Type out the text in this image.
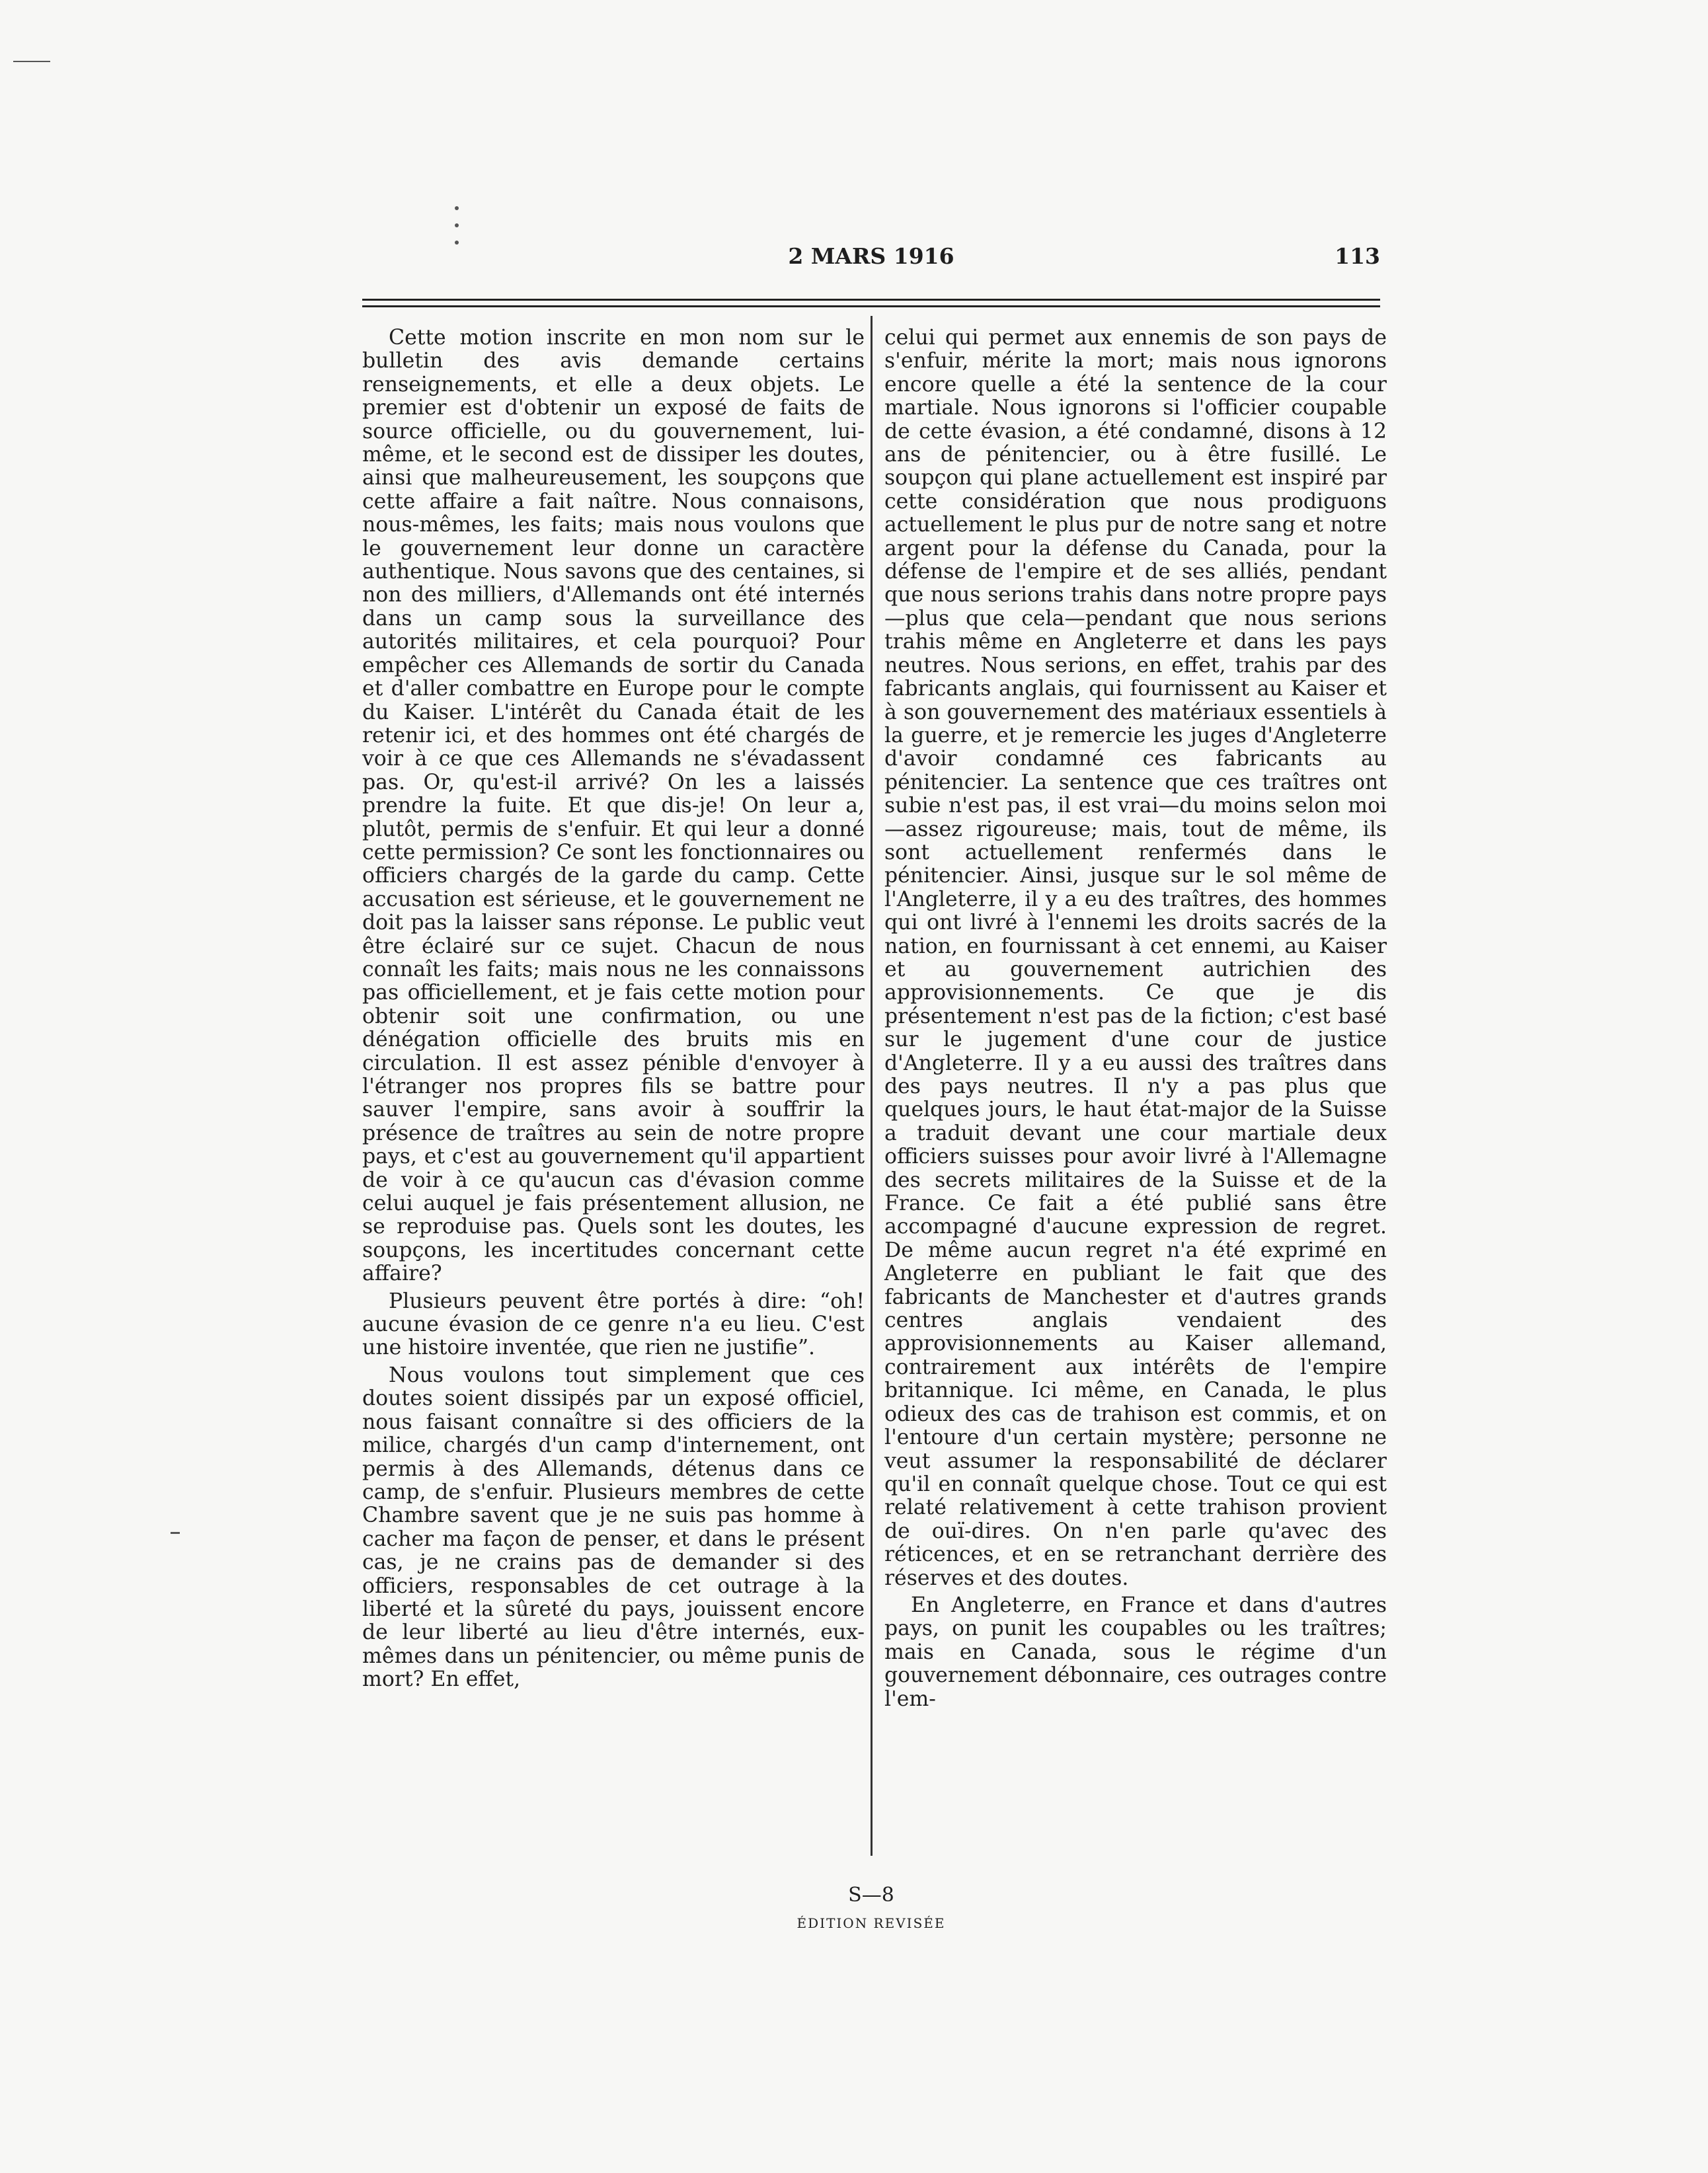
2 MARS 1916	113

Cette motion inscrite en mon nom sur le bulletin des avis demande certains renseignements, et elle a deux objets. Le premier est d'obtenir un exposé de faits de source officielle, ou du gouvernement, lui-même, et le second est de dissiper les doutes, ainsi que malheureusement, les soupçons que cette affaire a fait naître. Nous connaisons, nous-mêmes, les faits; mais nous voulons que le gouvernement leur donne un caractère authentique. Nous savons que des centaines, si non des milliers, d'Allemands ont été internés dans un camp sous la surveillance des autorités militaires, et cela pourquoi? Pour empêcher ces Allemands de sortir du Canada et d'aller combattre en Europe pour le compte du Kaiser. L'intérêt du Canada était de les retenir ici, et des hommes ont été chargés de voir à ce que ces Allemands ne s'évadassent pas. Or, qu'est-il arrivé? On les a laissés prendre la fuite. Et que dis-je! On leur a, plutôt, permis de s'enfuir. Et qui leur a donné cette permission? Ce sont les fonctionnaires ou officiers chargés de la garde du camp. Cette accusation est sérieuse, et le gouvernement ne doit pas la laisser sans réponse. Le public veut être éclairé sur ce sujet. Chacun de nous connaît les faits; mais nous ne les connaissons pas officiellement, et je fais cette motion pour obtenir soit une confirmation, ou une dénégation officielle des bruits mis en circulation. Il est assez pénible d'envoyer à l'étranger nos propres fils se battre pour sauver l'empire, sans avoir à souffrir la présence de traîtres au sein de notre propre pays, et c'est au gouvernement qu'il appartient de voir à ce qu'aucun cas d'évasion comme celui auquel je fais présentement allusion, ne se reproduise pas. Quels sont les doutes, les soupçons, les incertitudes concernant cette affaire?

Plusieurs peuvent être portés à dire: “oh! aucune évasion de ce genre n'a eu lieu. C'est une histoire inventée, que rien ne justifie”.

Nous voulons tout simplement que ces doutes soient dissipés par un exposé officiel, nous faisant connaître si des officiers de la milice, chargés d'un camp d'internement, ont permis à des Allemands, détenus dans ce camp, de s'enfuir. Plusieurs membres de cette Chambre savent que je ne suis pas homme à cacher ma façon de penser, et dans le présent cas, je ne crains pas de demander si des officiers, responsables de cet outrage à la liberté et la sûreté du pays, jouissent encore de leur liberté au lieu d'être internés, eux-mêmes dans un pénitencier, ou même punis de mort? En effet,

celui qui permet aux ennemis de son pays de s'enfuir, mérite la mort; mais nous ignorons encore quelle a été la sentence de la cour martiale. Nous ignorons si l'officier coupable de cette évasion, a été condamné, disons à 12 ans de pénitencier, ou à être fusillé. Le soupçon qui plane actuellement est inspiré par cette considération que nous prodiguons actuellement le plus pur de notre sang et notre argent pour la défense du Canada, pour la défense de l'empire et de ses alliés, pendant que nous serions trahis dans notre propre pays—plus que cela—pendant que nous serions trahis même en Angleterre et dans les pays neutres. Nous serions, en effet, trahis par des fabricants anglais, qui fournissent au Kaiser et à son gouvernement des matériaux essentiels à la guerre, et je remercie les juges d'Angleterre d'avoir condamné ces fabricants au pénitencier. La sentence que ces traîtres ont subie n'est pas, il est vrai—du moins selon moi—assez rigoureuse; mais, tout de même, ils sont actuellement renfermés dans le pénitencier. Ainsi, jusque sur le sol même de l'Angleterre, il y a eu des traîtres, des hommes qui ont livré à l'ennemi les droits sacrés de la nation, en fournissant à cet ennemi, au Kaiser et au gouvernement autrichien des approvisionnements. Ce que je dis présentement n'est pas de la fiction; c'est basé sur le jugement d'une cour de justice d'Angleterre. Il y a eu aussi des traîtres dans des pays neutres. Il n'y a pas plus que quelques jours, le haut état-major de la Suisse a traduit devant une cour martiale deux officiers suisses pour avoir livré à l'Allemagne des secrets militaires de la Suisse et de la France. Ce fait a été publié sans être accompagné d'aucune expression de regret. De même aucun regret n'a été exprimé en Angleterre en publiant le fait que des fabricants de Manchester et d'autres grands centres anglais vendaient des approvisionnements au Kaiser allemand, contrairement aux intérêts de l'empire britannique. Ici même, en Canada, le plus odieux des cas de trahison est commis, et on l'entoure d'un certain mystère; personne ne veut assumer la responsabilité de déclarer qu'il en connaît quelque chose. Tout ce qui est relaté relativement à cette trahison provient de ouï-dires. On n'en parle qu'avec des réticences, et en se retranchant derrière des réserves et des doutes.

En Angleterre, en France et dans d'autres pays, on punit les coupables ou les traîtres; mais en Canada, sous le régime d'un gouvernement débonnaire, ces outrages contre l'em-

S—8
ÉDITION REVISÉE
